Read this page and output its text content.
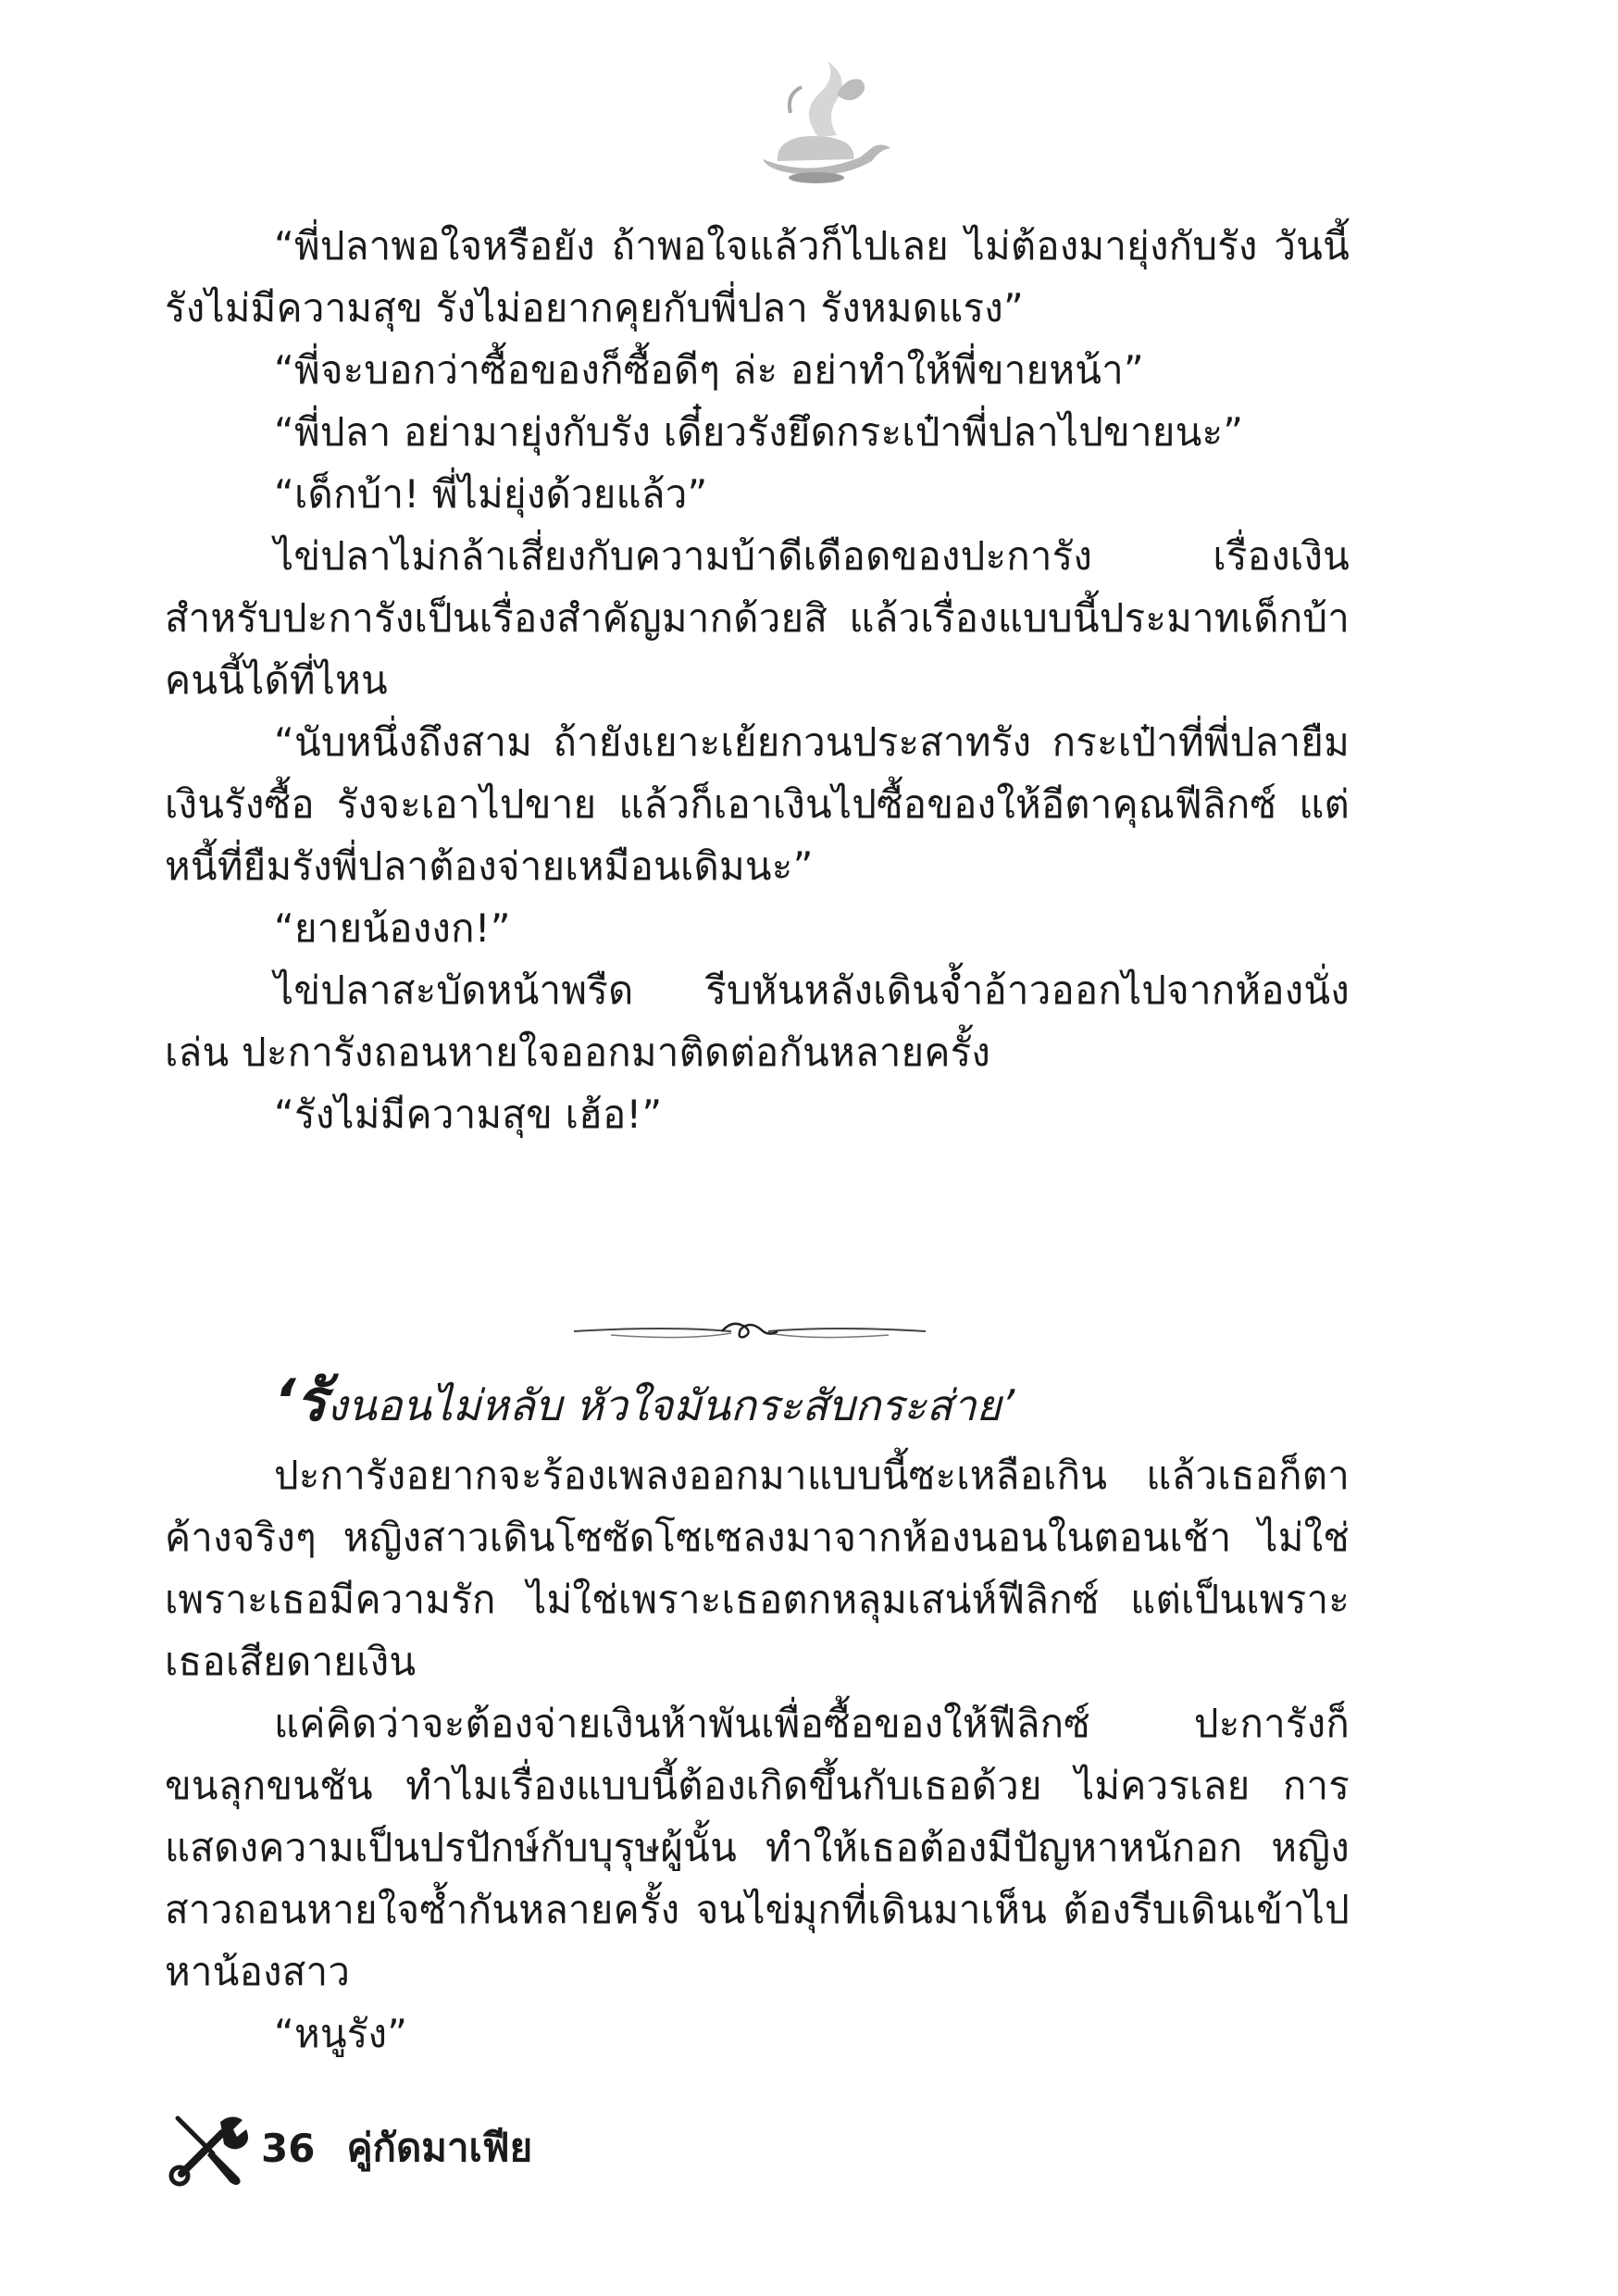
“พี่ปลาพอใจหรือยัง ถ้าพอใจแล้วก็ไปเลย ไม่ต้องมายุ่งกับรัง วันนี้รังไม่มีความสุข รังไม่อยากคุยกับพี่ปลา รังหมดแรง”

“พี่จะบอกว่าซื้อของก็ซื้อดีๆ ล่ะ อย่าทำให้พี่ขายหน้า”

“พี่ปลา อย่ามายุ่งกับรัง เดี๋ยวรังยึดกระเป๋าพี่ปลาไปขายนะ”

“เด็กบ้า! พี่ไม่ยุ่งด้วยแล้ว”

ไข่ปลาไม่กล้าเสี่ยงกับความบ้าดีเดือดของปะการัง เรื่องเงินสำหรับปะการังเป็นเรื่องสำคัญมากด้วยสิ แล้วเรื่องแบบนี้ประมาทเด็กบ้าคนนี้ได้ที่ไหน

“นับหนึ่งถึงสาม ถ้ายังเยาะเย้ยกวนประสาทรัง กระเป๋าที่พี่ปลายืมเงินรังซื้อ รังจะเอาไปขาย แล้วก็เอาเงินไปซื้อของให้อีตาคุณฟีลิกซ์ แต่หนี้ที่ยืมรังพี่ปลาต้องจ่ายเหมือนเดิมนะ”

“ยายน้องงก!”

ไข่ปลาสะบัดหน้าพรืด รีบหันหลังเดินจ้ำอ้าวออกไปจากห้องนั่งเล่น ปะการังถอนหายใจออกมาติดต่อกันหลายครั้ง

“รังไม่มีความสุข เฮ้อ!”

‘รังนอนไม่หลับ หัวใจมันกระสับกระส่าย’

ปะการังอยากจะร้องเพลงออกมาแบบนี้ซะเหลือเกิน แล้วเธอก็ตาค้างจริงๆ หญิงสาวเดินโซซัดโซเซลงมาจากห้องนอนในตอนเช้า ไม่ใช่เพราะเธอมีความรัก ไม่ใช่เพราะเธอตกหลุมเสน่ห์ฟีลิกซ์ แต่เป็นเพราะเธอเสียดายเงิน

แค่คิดว่าจะต้องจ่ายเงินห้าพันเพื่อซื้อของให้ฟีลิกซ์ ปะการังก็ขนลุกขนชัน ทำไมเรื่องแบบนี้ต้องเกิดขึ้นกับเธอด้วย ไม่ควรเลย การแสดงความเป็นปรปักษ์กับบุรุษผู้นั้น ทำให้เธอต้องมีปัญหาหนักอก หญิงสาวถอนหายใจซ้ำกันหลายครั้ง จนไข่มุกที่เดินมาเห็น ต้องรีบเดินเข้าไปหาน้องสาว

“หนูรัง”

36 คู่กัดมาเฟีย
